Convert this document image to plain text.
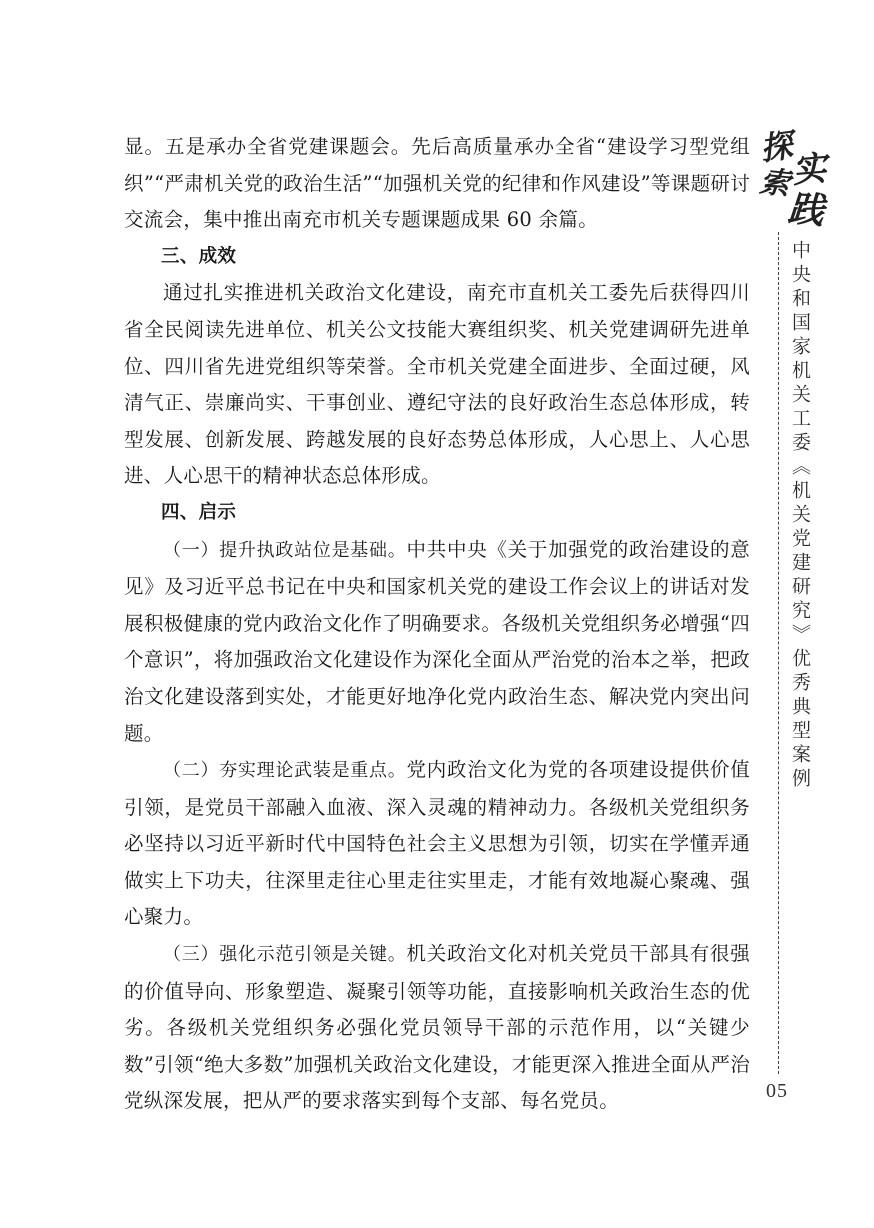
显。五是承办全省党建课题会。先后高质量承办全省“建设学习型党组织”“严肃机关党的政治生活”“加强机关党的纪律和作风建设”等课题研讨交流会，集中推出南充市机关专题课题成果 60 余篇。

三、成效

通过扎实推进机关政治文化建设，南充市直机关工委先后获得四川省全民阅读先进单位、机关公文技能大赛组织奖、机关党建调研先进单位、四川省先进党组织等荣誉。全市机关党建全面进步、全面过硬，风清气正、崇廉尚实、干事创业、遵纪守法的良好政治生态总体形成，转型发展、创新发展、跨越发展的良好态势总体形成，人心思上、人心思进、人心思干的精神状态总体形成。

四、启示

（一）提升执政站位是基础。中共中央《关于加强党的政治建设的意见》及习近平总书记在中央和国家机关党的建设工作会议上的讲话对发展积极健康的党内政治文化作了明确要求。各级机关党组织务必增强“四个意识”，将加强政治文化建设作为深化全面从严治党的治本之举，把政治文化建设落到实处，才能更好地净化党内政治生态、解决党内突出问题。

（二）夯实理论武装是重点。党内政治文化为党的各项建设提供价值引领，是党员干部融入血液、深入灵魂的精神动力。各级机关党组织务必坚持以习近平新时代中国特色社会主义思想为引领，切实在学懂弄通做实上下功夫，往深里走往心里走往实里走，才能有效地凝心聚魂、强心聚力。

（三）强化示范引领是关键。机关政治文化对机关党员干部具有很强的价值导向、形象塑造、凝聚引领等功能，直接影响机关政治生态的优劣。各级机关党组织务必强化党员领导干部的示范作用，以“关键少数”引领“绝大多数”加强机关政治文化建设，才能更深入推进全面从严治党纵深发展，把从严的要求落实到每个支部、每名党员。

探
索 实
践
中央和国家机关工委《机关党建研究》优秀典型案例
05
